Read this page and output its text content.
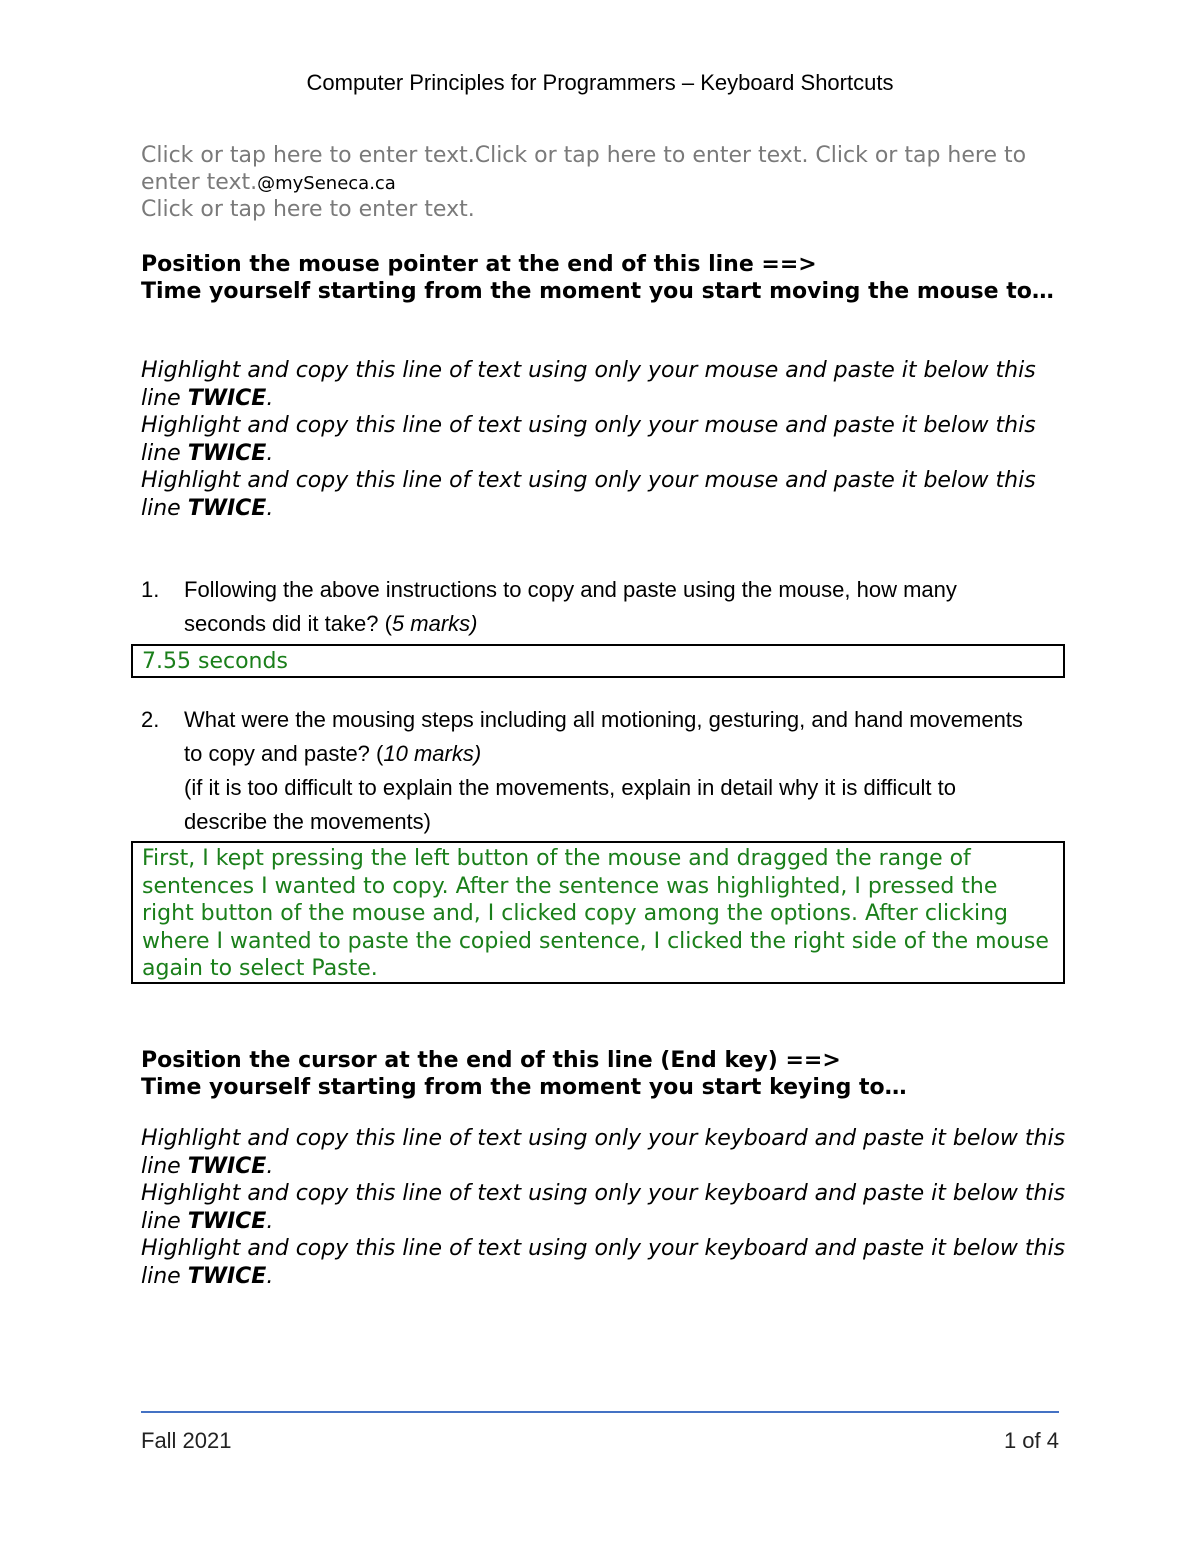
Computer Principles for Programmers – Keyboard Shortcuts
Click or tap here to enter text.Click or tap here to enter text. Click or tap here to enter text.@mySeneca.ca
Click or tap here to enter text.
Position the mouse pointer at the end of this line ==>
Time yourself starting from the moment you start moving the mouse to…
Highlight and copy this line of text using only your mouse and paste it below this line TWICE.
Highlight and copy this line of text using only your mouse and paste it below this line TWICE.
Highlight and copy this line of text using only your mouse and paste it below this line TWICE.
1.	Following the above instructions to copy and paste using the mouse, how many seconds did it take? (5 marks)
7.55 seconds
2.	What were the mousing steps including all motioning, gesturing, and hand movements to copy and paste? (10 marks)
(if it is too difficult to explain the movements, explain in detail why it is difficult to describe the movements)
First, I kept pressing the left button of the mouse and dragged the range of sentences I wanted to copy. After the sentence was highlighted, I pressed the right button of the mouse and, I clicked copy among the options. After clicking where I wanted to paste the copied sentence, I clicked the right side of the mouse again to select Paste.
Position the cursor at the end of this line (End key) ==>
Time yourself starting from the moment you start keying to…
Highlight and copy this line of text using only your keyboard and paste it below this line TWICE.
Highlight and copy this line of text using only your keyboard and paste it below this line TWICE.
Highlight and copy this line of text using only your keyboard and paste it below this line TWICE.
Fall 2021	1 of 4
